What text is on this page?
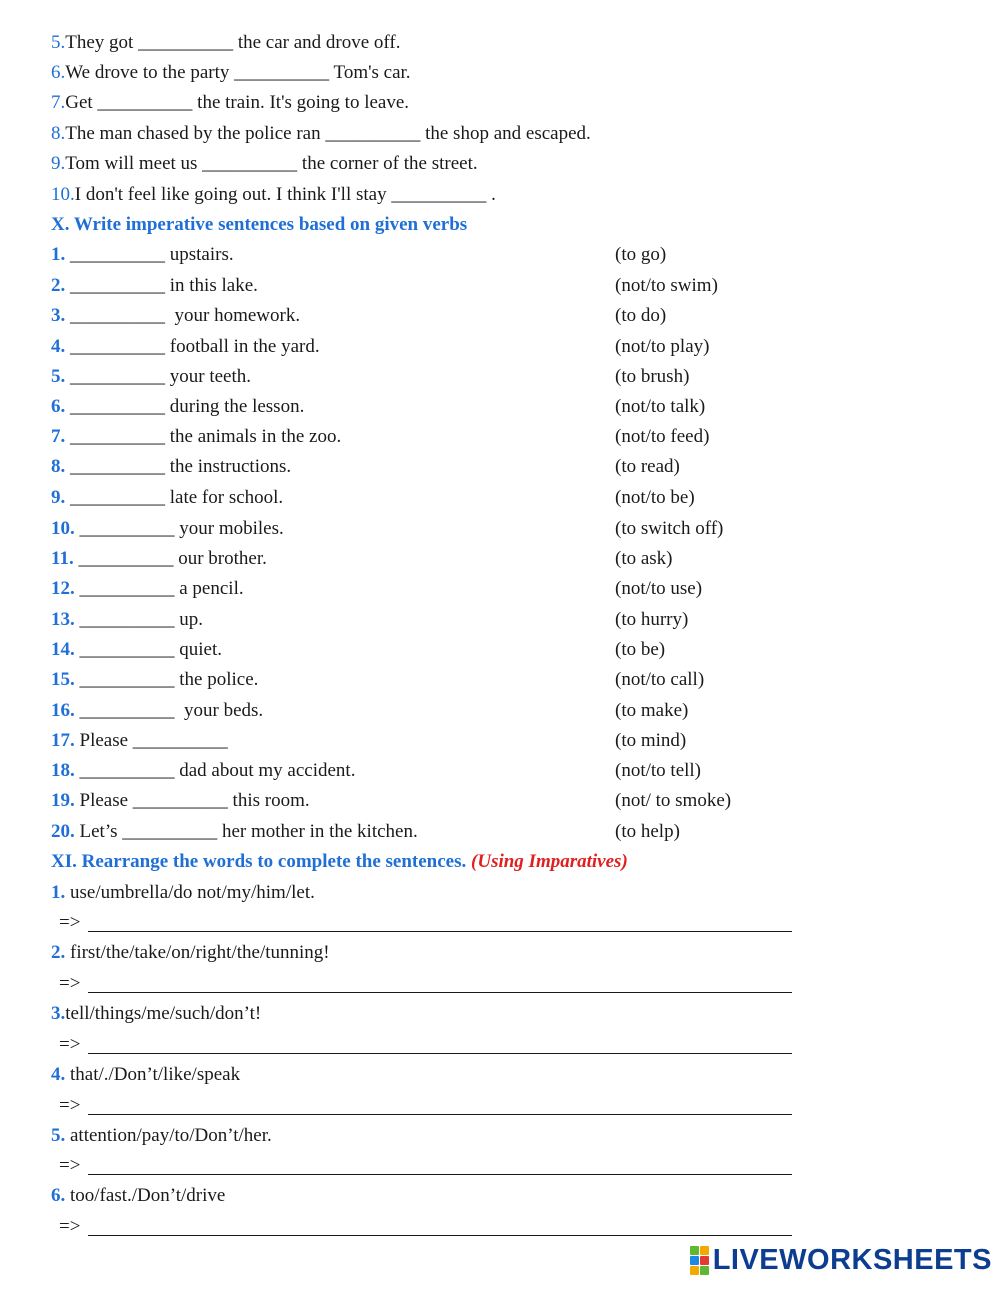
5.They got __________ the car and drove off.
6.We drove to the party __________ Tom's car.
7.Get __________ the train. It's going to leave.
8.The man chased by the police ran __________ the shop and escaped.
9.Tom will meet us __________ the corner of the street.
10.I don't feel like going out. I think I'll stay __________ .
X. Write imperative sentences based on given verbs
1. __________ upstairs.	(to go)
2. __________ in this lake.	(not/to swim)
3. __________  your homework.	(to do)
4. __________ football in the yard.	(not/to play)
5. __________ your teeth.	(to brush)
6. __________ during the lesson.	(not/to talk)
7. __________ the animals in the zoo.	(not/to feed)
8. __________ the instructions.	(to read)
9. __________ late for school.	(not/to be)
10. __________ your mobiles.	(to switch off)
11. __________ our brother.	(to ask)
12. __________ a pencil.	(not/to use)
13. __________ up.	(to hurry)
14. __________ quiet.	(to be)
15. __________ the police.	(not/to call)
16. __________  your beds.	(to make)
17. Please __________	(to mind)
18. __________ dad about my accident.	(not/to tell)
19. Please __________ this room.	(not/ to smoke)
20. Let’s __________ her mother in the kitchen.	(to help)
XI. Rearrange the words to complete the sentences. (Using Imparatives)
1. use/umbrella/do not/my/him/let.
=>
2. first/the/take/on/right/the/tunning!
=>
3.tell/things/me/such/don’t!
=>
4. that/./Don’t/like/speak
=>
5. attention/pay/to/Don’t/her.
=>
6. too/fast./Don’t/drive
=>
LIVEWORKSHEETS
